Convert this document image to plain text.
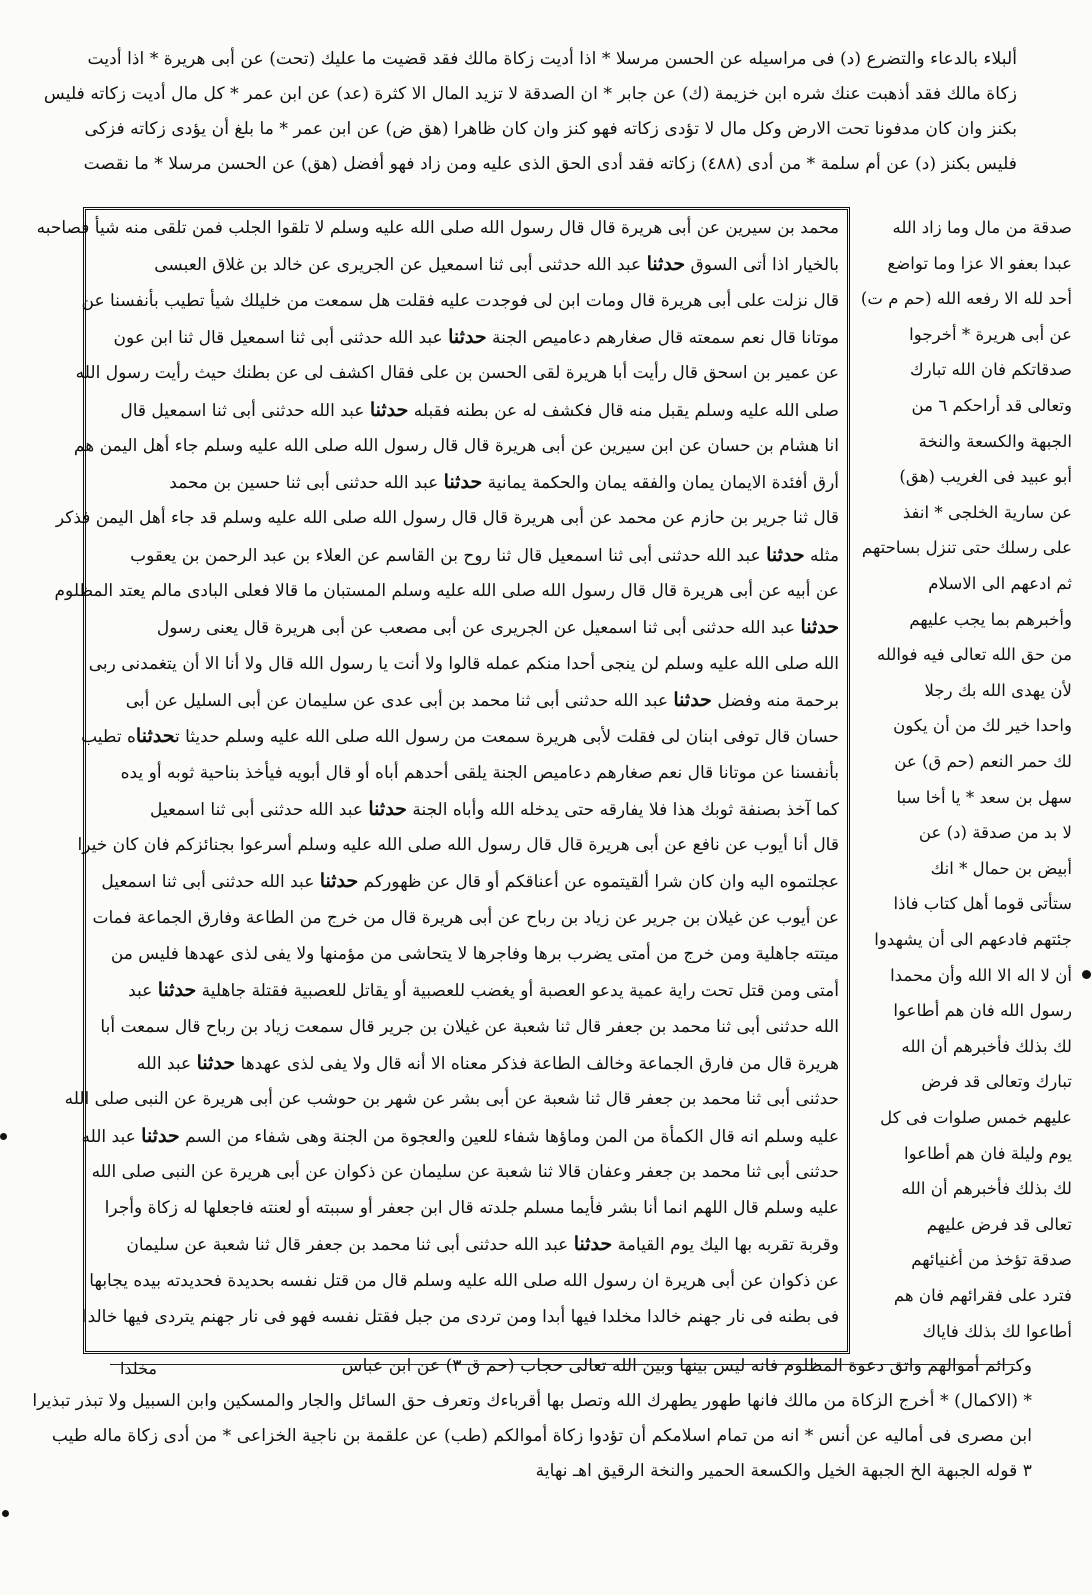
ألبلاء بالدعاء والتضرع (د) فى مراسيله عن الحسن مرسلا * اذا أديت زكاة مالك فقد قضيت ما عليك (تحت) عن أبى هريرة * اذا أديت
زكاة مالك فقد أذهبت عنك شره ابن خزيمة (ك) عن جابر * ان الصدقة لا تزيد المال الا كثرة (عد) عن ابن عمر * كل مال أديت زكاته فليس
بكنز وان كان مدفونا تحت الارض وكل مال لا تؤدى زكاته فهو كنز وان كان ظاهرا (هق ض) عن ابن عمر * ما بلغ أن يؤدى زكاته فزكى
فليس بكنز (د) عن أم سلمة * من أدى (٤٨٨) زكاته فقد أدى الحق الذى عليه ومن زاد فهو أفضل (هق) عن الحسن مرسلا * ما نقصت
محمد بن سيرين عن أبى هريرة قال قال رسول الله صلى الله عليه وسلم لا تلقوا الجلب فمن تلقى منه شيأ فصاحبه
بالخيار اذا أتى السوق حدثنا عبد الله حدثنى أبى ثنا اسمعيل عن الجريرى عن خالد بن غلاق العبسى
قال نزلت على أبى هريرة قال ومات ابن لى فوجدت عليه فقلت هل سمعت من خليلك شيأ تطيب بأنفسنا عن
موتانا قال نعم سمعته قال صغارهم دعاميص الجنة حدثنا عبد الله حدثنى أبى ثنا اسمعيل قال ثنا ابن عون
عن عمير بن اسحق قال رأيت أبا هريرة لقى الحسن بن على فقال اكشف لى عن بطنك حيث رأيت رسول الله
صلى الله عليه وسلم يقبل منه قال فكشف له عن بطنه فقبله حدثنا عبد الله حدثنى أبى ثنا اسمعيل قال
انا هشام بن حسان عن ابن سيرين عن أبى هريرة قال قال رسول الله صلى الله عليه وسلم جاء أهل اليمن هم
أرق أفئدة الايمان يمان والفقه يمان والحكمة يمانية حدثنا عبد الله حدثنى أبى ثنا حسين بن محمد
قال ثنا جرير بن حازم عن محمد عن أبى هريرة قال قال رسول الله صلى الله عليه وسلم قد جاء أهل اليمن فذكر
مثله حدثنا عبد الله حدثنى أبى ثنا اسمعيل قال ثنا روح بن القاسم عن العلاء بن عبد الرحمن بن يعقوب
عن أبيه عن أبى هريرة قال قال رسول الله صلى الله عليه وسلم المستبان ما قالا فعلى البادى مالم يعتد المظلوم
حدثنا عبد الله حدثنى أبى ثنا اسمعيل عن الجريرى عن أبى مصعب عن أبى هريرة قال يعنى رسول
الله صلى الله عليه وسلم لن ينجى أحدا منكم عمله قالوا ولا أنت يا رسول الله قال ولا أنا الا أن يتغمدنى ربى
برحمة منه وفضل حدثنا عبد الله حدثنى أبى ثنا محمد بن أبى عدى عن سليمان عن أبى السليل عن أبى
حسان قال توفى ابنان لى فقلت لأبى هريرة سمعت من رسول الله صلى الله عليه وسلم حديثا تحدثناه تطيب
بأنفسنا عن موتانا قال نعم صغارهم دعاميص الجنة يلقى أحدهم أباه أو قال أبويه فيأخذ بناحية ثوبه أو يده
كما آخذ بصنفة ثوبك هذا فلا يفارقه حتى يدخله الله وأباه الجنة حدثنا عبد الله حدثنى أبى ثنا اسمعيل
قال أنا أيوب عن نافع عن أبى هريرة قال قال رسول الله صلى الله عليه وسلم أسرعوا بجنائزكم فان كان خيرا
عجلتموه اليه وان كان شرا ألقيتموه عن أعناقكم أو قال عن ظهوركم حدثنا عبد الله حدثنى أبى ثنا اسمعيل
عن أيوب عن غيلان بن جرير عن زياد بن رباح عن أبى هريرة قال من خرج من الطاعة وفارق الجماعة فمات
ميتته جاهلية ومن خرج من أمتى يضرب برها وفاجرها لا يتحاشى من مؤمنها ولا يفى لذى عهدها فليس من
أمتى ومن قتل تحت راية عمية يدعو العصبة أو يغضب للعصبية أو يقاتل للعصبية فقتلة جاهلية حدثنا عبد
الله حدثنى أبى ثنا محمد بن جعفر قال ثنا شعبة عن غيلان بن جرير قال سمعت زياد بن رباح قال سمعت أبا
هريرة قال من فارق الجماعة وخالف الطاعة فذكر معناه الا أنه قال ولا يفى لذى عهدها حدثنا عبد الله
حدثنى أبى ثنا محمد بن جعفر قال ثنا شعبة عن أبى بشر عن شهر بن حوشب عن أبى هريرة عن النبى صلى الله
عليه وسلم انه قال الكمأة من المن وماؤها شفاء للعين والعجوة من الجنة وهى شفاء من السم حدثنا عبد الله
حدثنى أبى ثنا محمد بن جعفر وعفان قالا ثنا شعبة عن سليمان عن ذكوان عن أبى هريرة عن النبى صلى الله
عليه وسلم قال اللهم انما أنا بشر فأيما مسلم جلدته قال ابن جعفر أو سببته أو لعنته فاجعلها له زكاة وأجرا
وقربة تقربه بها اليك يوم القيامة حدثنا عبد الله حدثنى أبى ثنا محمد بن جعفر قال ثنا شعبة عن سليمان
عن ذكوان عن أبى هريرة ان رسول الله صلى الله عليه وسلم قال من قتل نفسه بحديدة فحديدته بيده يجابها
فى بطنه فى نار جهنم خالدا مخلدا فيها أبدا ومن تردى من جبل فقتل نفسه فهو فى نار جهنم يتردى فيها خالدا
صدقة من مال وما زاد الله
عبدا بعفو الا عزا وما تواضع
أحد لله الا رفعه الله (حم م ت)
عن أبى هريرة * أخرجوا
صدقاتكم فان الله تبارك
وتعالى قد أراحكم ٦ من
الجبهة والكسعة والنخة
أبو عبيد فى الغريب (هق)
عن سارية الخلجى * انفذ
على رسلك حتى تنزل بساحتهم
ثم ادعهم الى الاسلام
وأخبرهم بما يجب عليهم
من حق الله تعالى فيه فوالله
لأن يهدى الله بك رجلا
واحدا خير لك من أن يكون
لك حمر النعم (حم ق) عن
سهل بن سعد * يا أخا سبا
لا بد من صدقة (د) عن
أبيض بن حمال * انك
ستأتى قوما أهل كتاب فاذا
جئتهم فادعهم الى أن يشهدوا
أن لا اله الا الله وأن محمدا
رسول الله فان هم أطاعوا
لك بذلك فأخبرهم أن الله
تبارك وتعالى قد فرض
عليهم خمس صلوات فى كل
يوم وليلة فان هم أطاعوا
لك بذلك فأخبرهم أن الله
تعالى قد فرض عليهم
صدقة تؤخذ من أغنيائهم
فترد على فقرائهم فان هم
أطاعوا لك بذلك فاياك
مخلدا	وكرائم أموالهم واتق دعوة المظلوم فانه ليس بينها وبين الله تعالى حجاب (حم ق ٣) عن ابن عباس
* (الاكمال) * أخرج الزكاة من مالك فانها طهور يطهرك الله وتصل بها أقرباءك وتعرف حق السائل والجار والمسكين وابن السبيل ولا تبذر تبذيرا
ابن مصرى فى أماليه عن أنس * انه من تمام اسلامكم أن تؤدوا زكاة أموالكم (طب) عن علقمة بن ناجية الخزاعى * من أدى زكاة ماله طيب
٣ قوله الجبهة الخ الجبهة الخيل والكسعة الحمير والنخة الرقيق اهـ نهاية
